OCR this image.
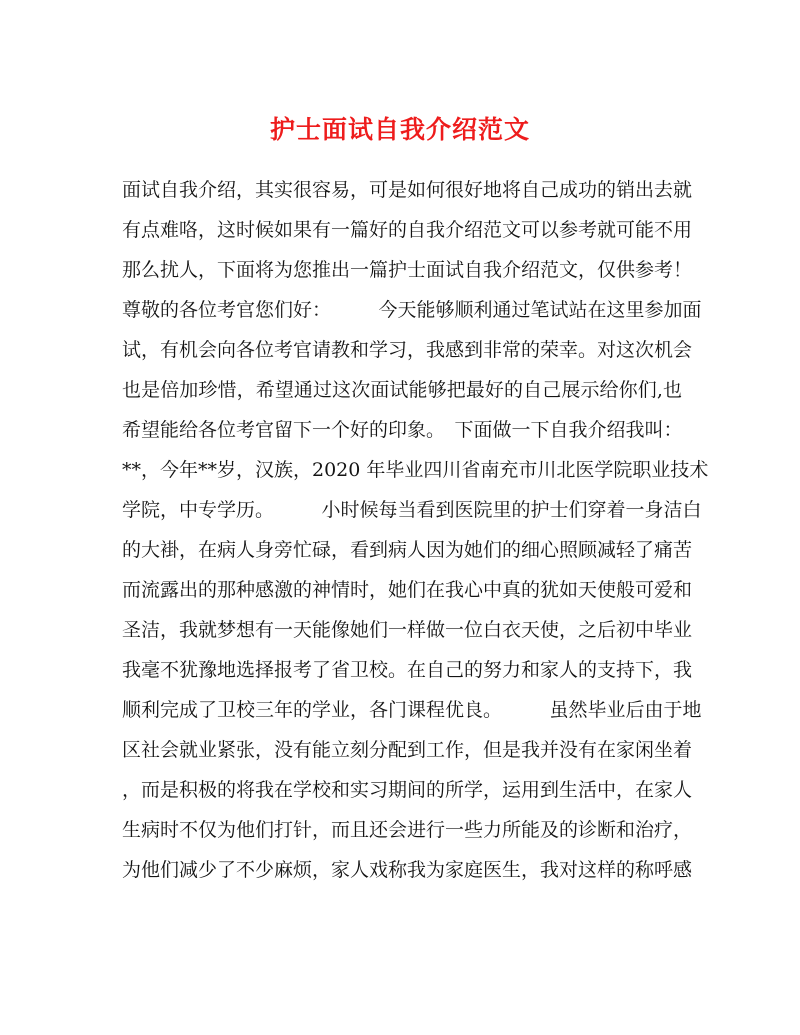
护士面试自我介绍范文
面试自我介绍，其实很容易，可是如何很好地将自己成功的销出去就
有点难咯，这时候如果有一篇好的自我介绍范文可以参考就可能不用
那么扰人，下面将为您推出一篇护士面试自我介绍范文，仅供参考！
尊敬的各位考官您们好：　　　今天能够顺利通过笔试站在这里参加面
试，有机会向各位考官请教和学习，我感到非常的荣幸。对这次机会
也是倍加珍惜，希望通过这次面试能够把最好的自己展示给你们,也
希望能给各位考官留下一个好的印象。　下面做一下自我介绍我叫：
**，今年**岁，汉族，2020 年毕业四川省南充市川北医学院职业技术
学院，中专学历。　　　小时候每当看到医院里的护士们穿着一身洁白
的大褂，在病人身旁忙碌，看到病人因为她们的细心照顾减轻了痛苦
而流露出的那种感激的神情时，她们在我心中真的犹如天使般可爱和
圣洁，我就梦想有一天能像她们一样做一位白衣天使，之后初中毕业
我毫不犹豫地选择报考了省卫校。在自己的努力和家人的支持下，我
顺利完成了卫校三年的学业，各门课程优良。　　　虽然毕业后由于地
区社会就业紧张，没有能立刻分配到工作，但是我并没有在家闲坐着
，而是积极的将我在学校和实习期间的所学，运用到生活中，在家人
生病时不仅为他们打针，而且还会进行一些力所能及的诊断和治疗，
为他们减少了不少麻烦，家人戏称我为家庭医生，我对这样的称呼感
